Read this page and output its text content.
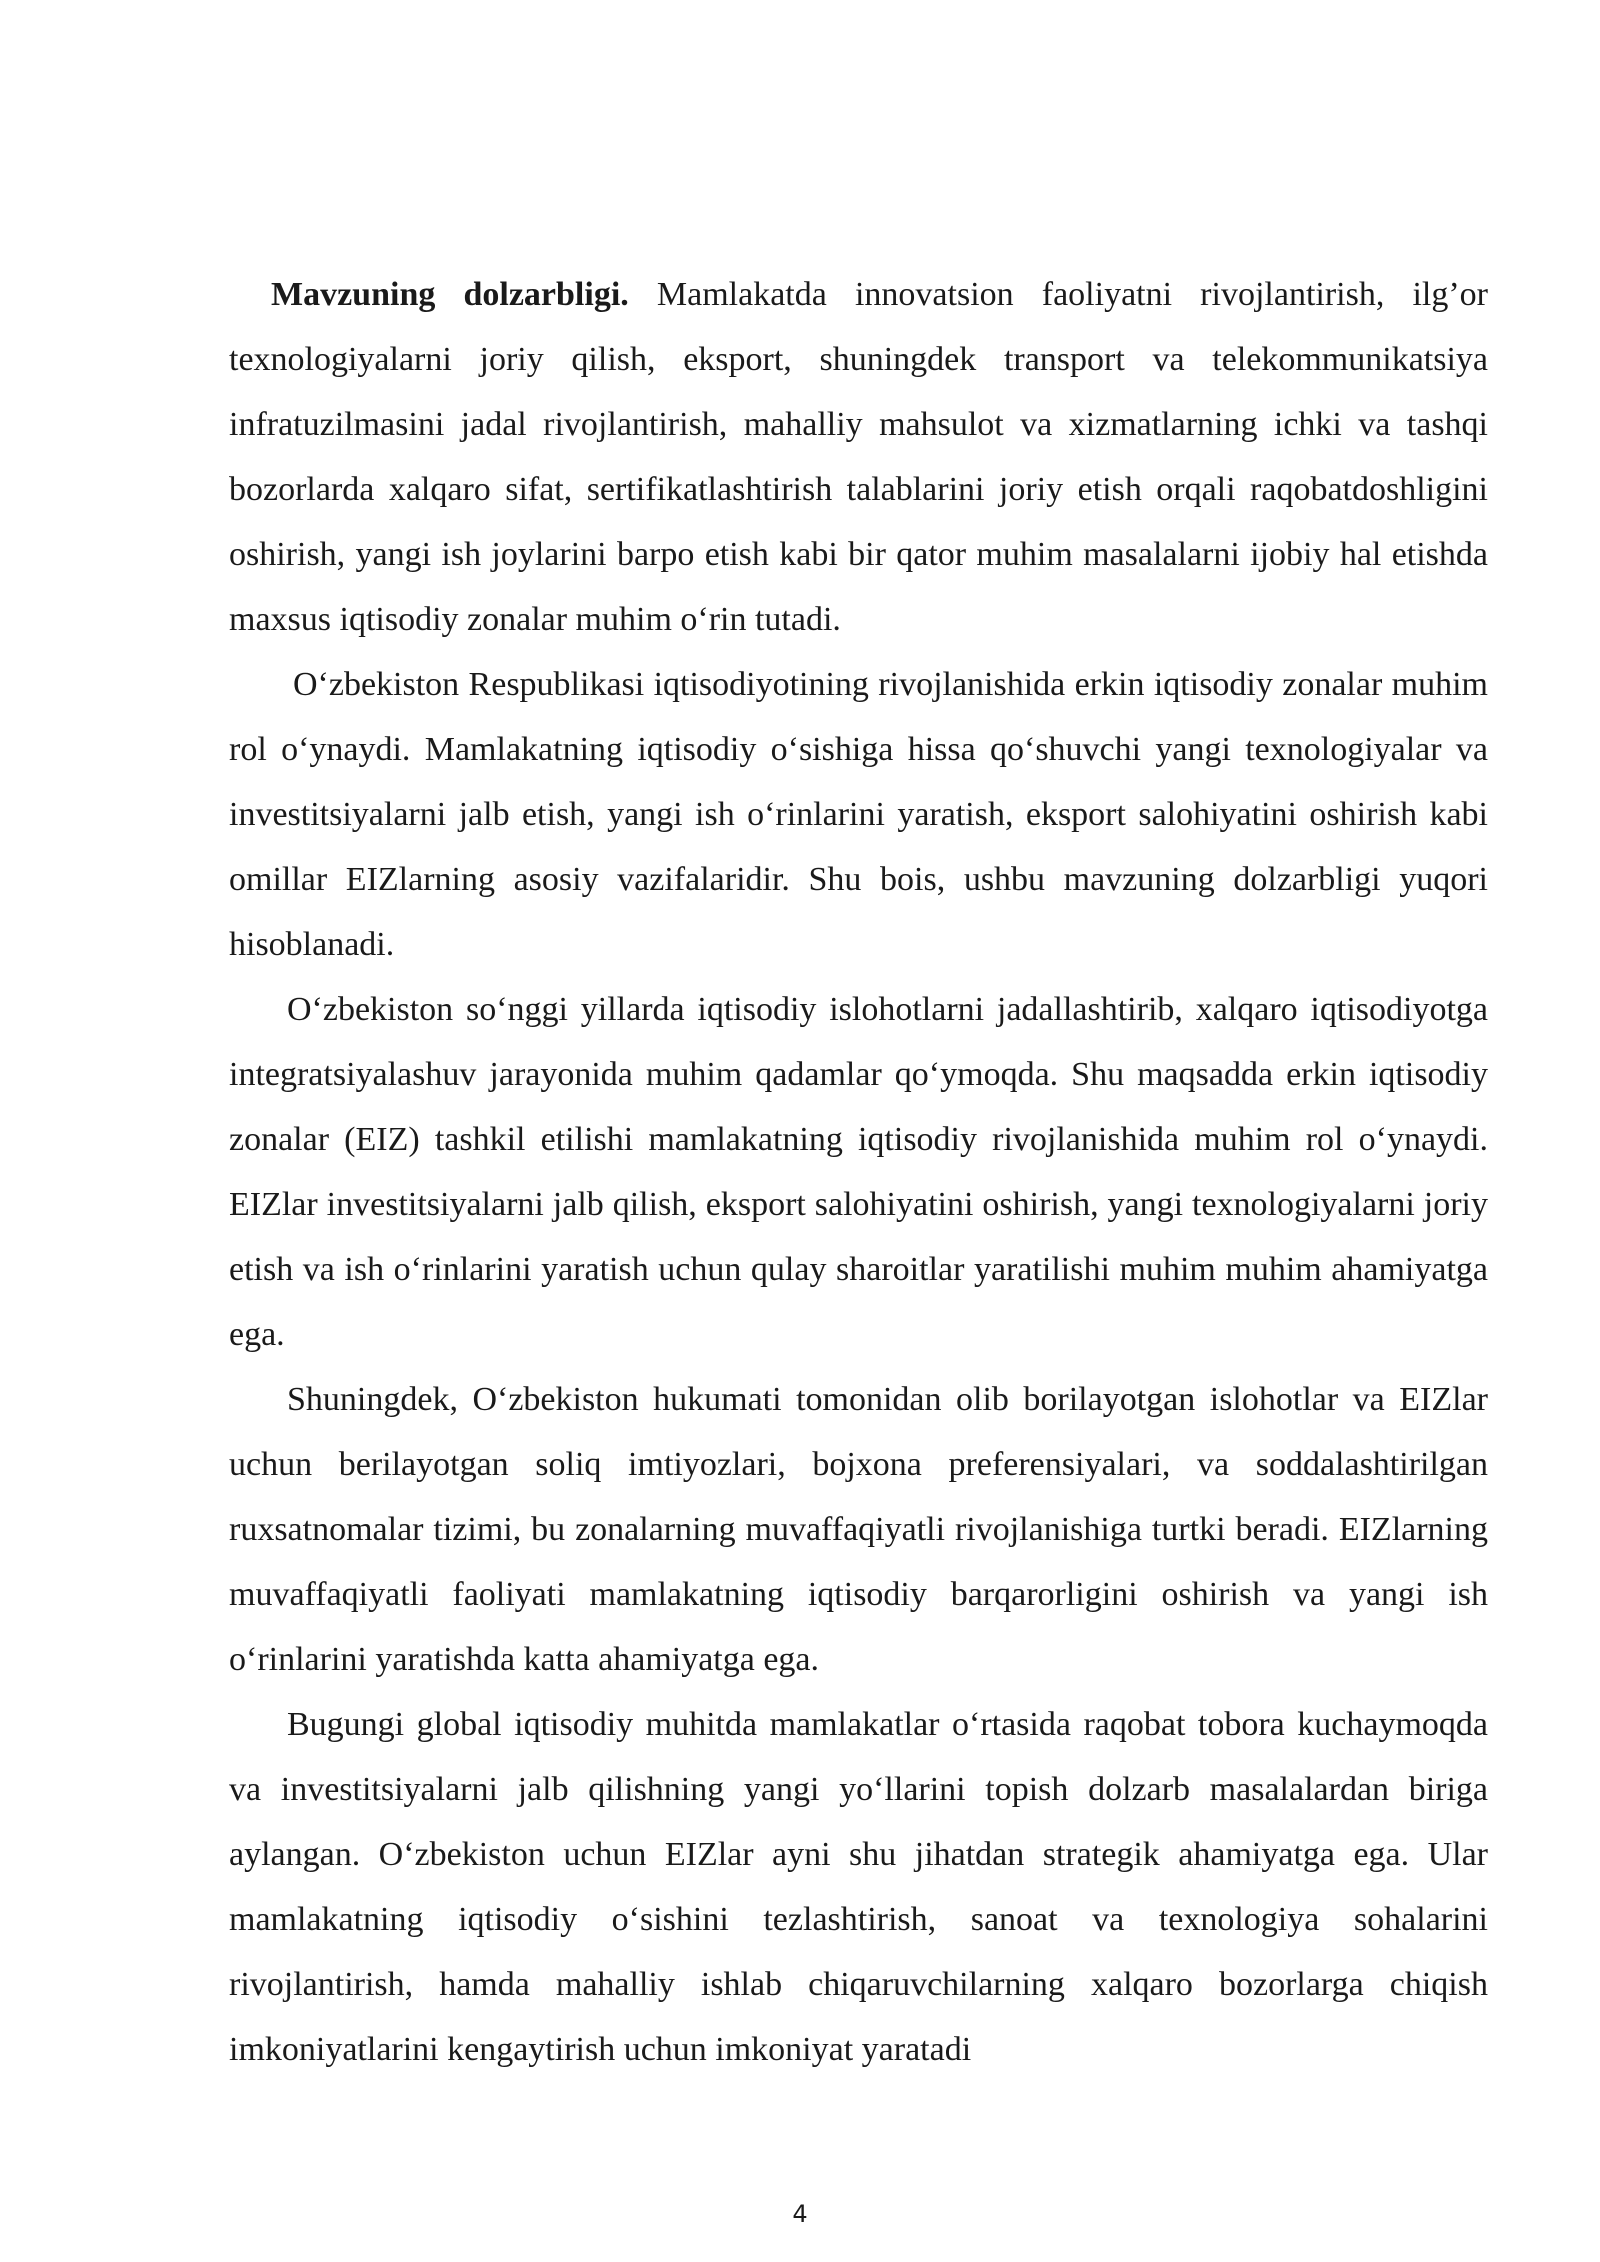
Mavzuning dolzarbligi. Mamlakatda innovatsion faoliyatni rivojlantirish, ilg’or texnologiyalarni joriy qilish, eksport, shuningdek transport va telekommunikatsiya infratuzilmasini jadal rivojlantirish, mahalliy mahsulot va xizmatlarning ichki va tashqi bozorlarda xalqaro sifat, sertifikatlashtirish talablarini joriy etish orqali raqobatdoshligini oshirish, yangi ish joylarini barpo etish kabi bir qator muhim masalalarni ijobiy hal etishda maxsus iqtisodiy zonalar muhim o‘rin tutadi.

O‘zbekiston Respublikasi iqtisodiyotining rivojlanishida erkin iqtisodiy zonalar muhim rol o‘ynaydi. Mamlakatning iqtisodiy o‘sishiga hissa qo‘shuvchi yangi texnologiyalar va investitsiyalarni jalb etish, yangi ish o‘rinlarini yaratish, eksport salohiyatini oshirish kabi omillar EIZlarning asosiy vazifalaridir. Shu bois, ushbu mavzuning dolzarbligi yuqori hisoblanadi.

O‘zbekiston so‘nggi yillarda iqtisodiy islohotlarni jadallashtirib, xalqaro iqtisodiyotga integratsiyalashuv jarayonida muhim qadamlar qo‘ymoqda. Shu maqsadda erkin iqtisodiy zonalar (EIZ) tashkil etilishi mamlakatning iqtisodiy rivojlanishida muhim rol o‘ynaydi. EIZlar investitsiyalarni jalb qilish, eksport salohiyatini oshirish, yangi texnologiyalarni joriy etish va ish o‘rinlarini yaratish uchun qulay sharoitlar yaratilishi muhim muhim ahamiyatga ega.

Shuningdek, O‘zbekiston hukumati tomonidan olib borilayotgan islohotlar va EIZlar uchun berilayotgan soliq imtiyozlari, bojxona preferensiyalari, va soddalashtirilgan ruxsatnomalar tizimi, bu zonalarning muvaffaqiyatli rivojlanishiga turtki beradi. EIZlarning muvaffaqiyatli faoliyati mamlakatning iqtisodiy barqarorligini oshirish va yangi ish o‘rinlarini yaratishda katta ahamiyatga ega.

Bugungi global iqtisodiy muhitda mamlakatlar o‘rtasida raqobat tobora kuchaymoqda va investitsiyalarni jalb qilishning yangi yo‘llarini topish dolzarb masalalardan biriga aylangan. O‘zbekiston uchun EIZlar ayni shu jihatdan strategik ahamiyatga ega. Ular mamlakatning iqtisodiy o‘sishini tezlashtirish, sanoat va texnologiya sohalarini rivojlantirish, hamda mahalliy ishlab chiqaruvchilarning xalqaro bozorlarga chiqish imkoniyatlarini kengaytirish uchun imkoniyat yaratadi

4
